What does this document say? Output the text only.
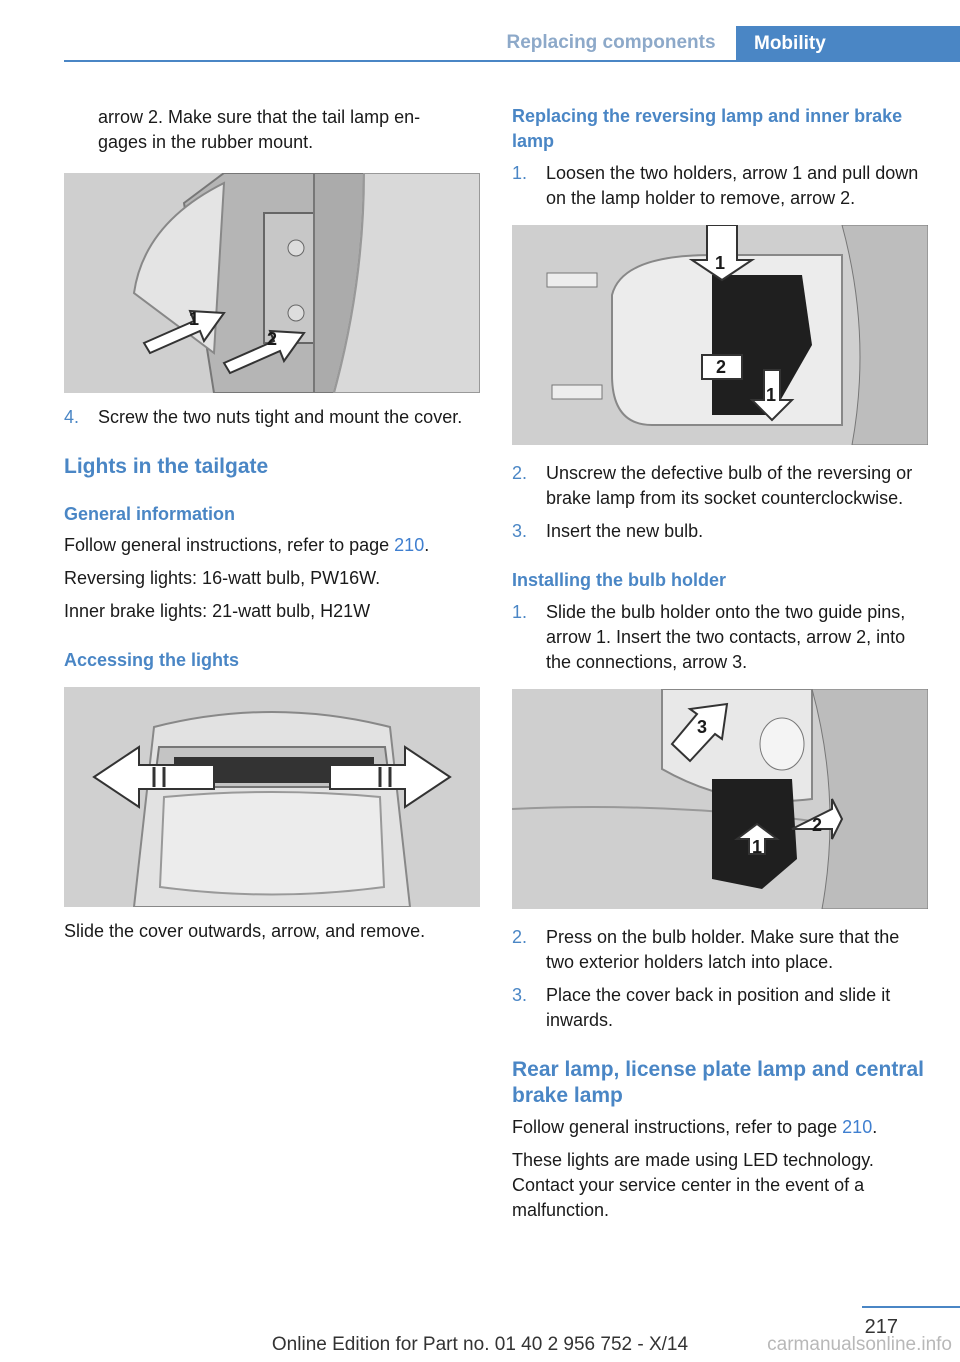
Replacing components	Mobility

arrow 2. Make sure that the tail lamp en-

gages in the rubber mount.

1
2
4.	Screw the two nuts tight and mount the cover.

Lights in the tailgate

General information

Follow general instructions, refer to page 210.

Reversing lights: 16-watt bulb, PW16W.

Inner brake lights: 21-watt bulb, H21W

Accessing the lights

Slide the cover outwards, arrow, and remove.

Replacing the reversing lamp and inner brake lamp

1.	Loosen the two holders, arrow 1 and pull down on the lamp holder to remove, arrow 2.
1
2
1
2.	Unscrew the defective bulb of the reversing or brake lamp from its socket counterclockwise.
3.	Insert the new bulb.

Installing the bulb holder

1.	Slide the bulb holder onto the two guide pins, arrow 1. Insert the two contacts, arrow 2, into the connections, arrow 3.
3
1
2
2.	Press on the bulb holder. Make sure that the two exterior holders latch into place.
3.	Place the cover back in position and slide it inwards.

Rear lamp, license plate lamp and central brake lamp

Follow general instructions, refer to page 210.

These lights are made using LED technology. Contact your service center in the event of a malfunction.

217
Online Edition for Part no. 01 40 2 956 752 - X/14	carmanualsonline.info
